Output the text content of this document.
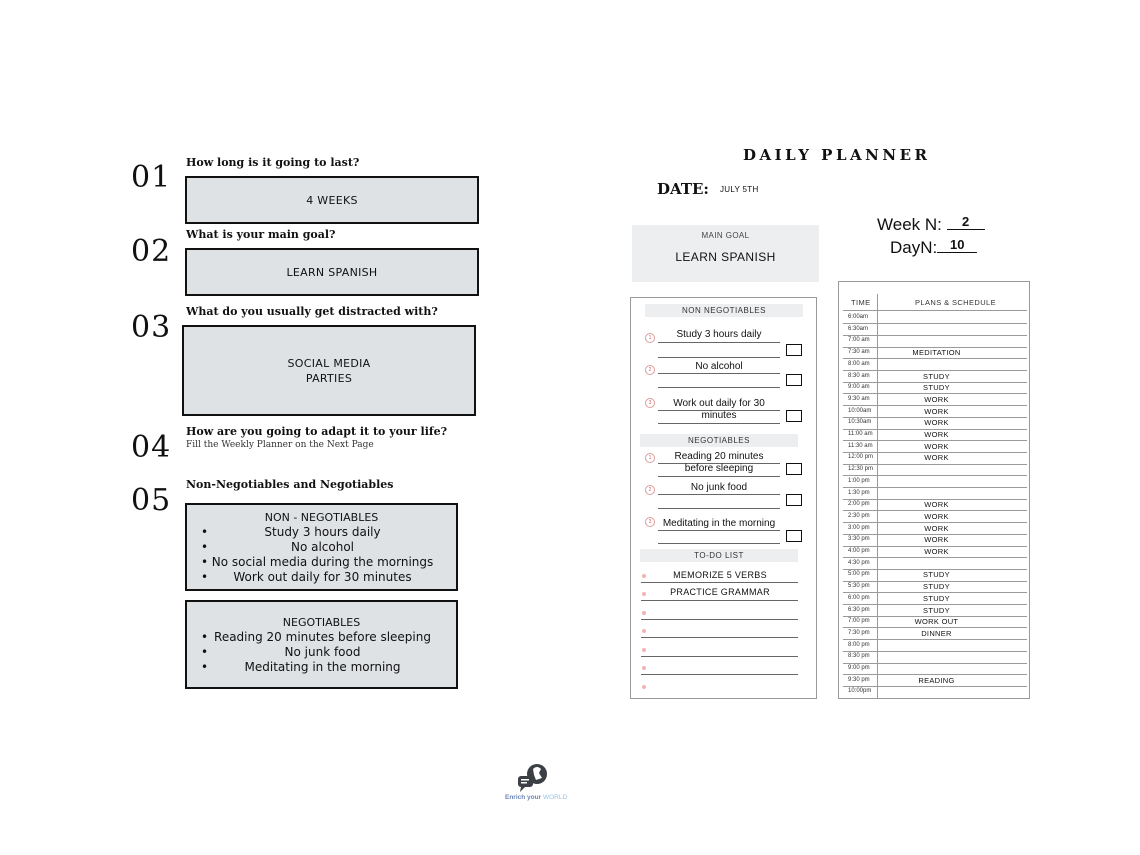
01 How long is it going to last?
4 WEEKS
02 What is your main goal?
LEARN SPANISH
03 What do you usually get distracted with?
SOCIAL MEDIA
PARTIES
04 How are you going to adapt it to your life?
Fill the Weekly Planner on the Next Page
05 Non-Negotiables and Negotiables
NON - NEGOTIABLES
• Study 3 hours daily
• No alcohol
• No social media during the mornings
• Work out daily for 30 minutes
NEGOTIABLES
• Reading 20 minutes before sleeping
• No junk food
• Meditating in the morning
DAILY PLANNER
DATE: JULY 5TH
Week N: 2
DayN: 10
MAIN GOAL
LEARN SPANISH
NON NEGOTIABLES
1	Study 3 hours daily
2	No alcohol
3	Work out daily for 30
minutes
NEGOTIABLES
1	Reading 20 minutes
before sleeping
2	No junk food
3	Meditating in the morning
TO-DO LIST
MEMORIZE 5 VERBS
PRACTICE GRAMMAR
TIME	PLANS & SCHEDULE
6:00am
6:30am
7:00 am
7:30 am	MEDITATION
8:00 am
8:30 am	STUDY
9:00 am	STUDY
9:30 am	WORK
10:00am	WORK
10:30am	WORK
11:00 am	WORK
11:30 am	WORK
12:00 pm	WORK
12:30 pm
1:00 pm
1:30 pm
2:00 pm	WORK
2:30 pm	WORK
3:00 pm	WORK
3:30 pm	WORK
4:00 pm	WORK
4:30 pm
5:00 pm	STUDY
5:30 pm	STUDY
6:00 pm	STUDY
6:30 pm	STUDY
7:00 pm	WORK OUT
7:30 pm	DINNER
8:00 pm
8:30 pm
9:00 pm
9:30 pm	READING
10:00pm
Enrich your WORLD
